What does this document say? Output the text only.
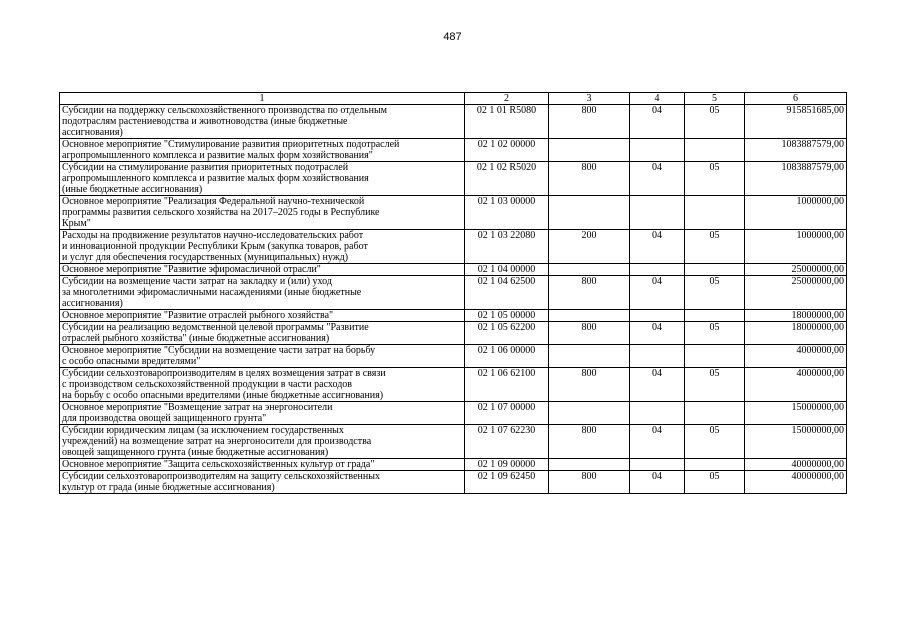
487
1	2	3	4	5	6
Субсидии на поддержку сельскохозяйственного производства по отдельным
подотраслям растениеводства и животноводства (иные бюджетные
ассигнования)	02 1 01 R5080	800	04	05	915851685,00
Основное мероприятие "Стимулирование развития приоритетных подотраслей
агропромышленного комплекса и развитие малых форм хозяйствования"	02 1 02 00000				1083887579,00
Субсидии на стимулирование развития приоритетных подотраслей
агропромышленного комплекса и развитие малых форм хозяйствования
(иные бюджетные ассигнования)	02 1 02 R5020	800	04	05	1083887579,00
Основное мероприятие "Реализация Федеральной научно-технической
программы развития сельского хозяйства на 2017–2025 годы в Республике
Крым"	02 1 03 00000				1000000,00
Расходы на продвижение результатов научно-исследовательских работ
и инновационной продукции Республики Крым (закупка товаров, работ
и услуг для обеспечения государственных (муниципальных) нужд)	02 1 03 22080	200	04	05	1000000,00
Основное мероприятие "Развитие эфиромасличной отрасли"	02 1 04 00000				25000000,00
Субсидии на возмещение части затрат на закладку и (или) уход
за многолетними эфиромасличными насаждениями (иные бюджетные
ассигнования)	02 1 04 62500	800	04	05	25000000,00
Основное мероприятие "Развитие отраслей рыбного хозяйства"	02 1 05 00000				18000000,00
Субсидии на реализацию ведомственной целевой программы "Развитие
отраслей рыбного хозяйства" (иные бюджетные ассигнования)	02 1 05 62200	800	04	05	18000000,00
Основное мероприятие "Субсидии на возмещение части затрат на борьбу
с особо опасными вредителями"	02 1 06 00000				4000000,00
Субсидии сельхозтоваропроизводителям в целях возмещения затрат в связи
с производством сельскохозяйственной продукции в части расходов
на борьбу с особо опасными вредителями (иные бюджетные ассигнования)	02 1 06 62100	800	04	05	4000000,00
Основное мероприятие "Возмещение затрат на энергоносители
для производства овощей защищенного грунта"	02 1 07 00000				15000000,00
Субсидии юридическим лицам (за исключением государственных
учреждений) на возмещение затрат на энергоносители для производства
овощей защищенного грунта (иные бюджетные ассигнования)	02 1 07 62230	800	04	05	15000000,00
Основное мероприятие "Защита сельскохозяйственных культур от града"	02 1 09 00000				40000000,00
Субсидии сельхозтоваропроизводителям на защиту сельскохозяйственных
культур от града (иные бюджетные ассигнования)	02 1 09 62450	800	04	05	40000000,00
